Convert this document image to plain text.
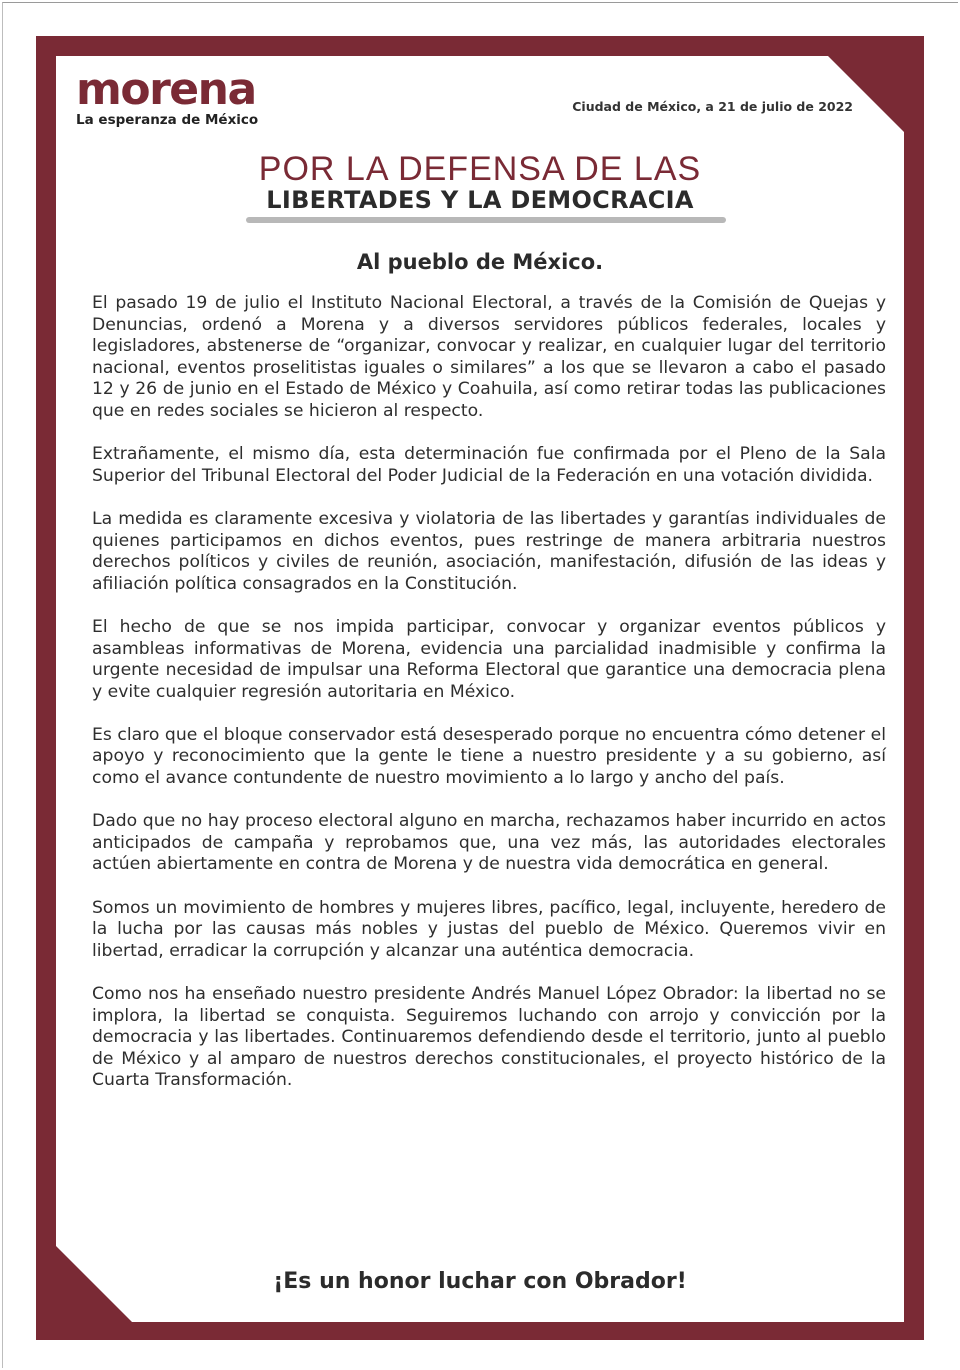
morena
La esperanza de México
Ciudad de México, a 21 de julio de 2022
POR LA DEFENSA DE LAS
LIBERTADES Y LA DEMOCRACIA
Al pueblo de México.

El pasado 19 de julio el Instituto Nacional Electoral, a través de la Comisión de Quejas y Denuncias, ordenó a Morena y a diversos servidores públicos federales, locales y legisladores, abstenerse de “organizar, convocar y realizar, en cualquier lugar del territorio nacional, eventos proselitistas iguales o similares” a los que se llevaron a cabo el pasado 12 y 26 de junio en el Estado de México y Coahuila, así como retirar todas las publicaciones que en redes sociales se hicieron al respecto.

Extrañamente, el mismo día, esta determinación fue confirmada por el Pleno de la Sala Superior del Tribunal Electoral del Poder Judicial de la Federación en una votación dividida.

La medida es claramente excesiva y violatoria de las libertades y garantías individuales de quienes participamos en dichos eventos, pues restringe de manera arbitraria nuestros derechos políticos y civiles de reunión, asociación, manifestación, difusión de las ideas y afiliación política consagrados en la Constitución.

El hecho de que se nos impida participar, convocar y organizar eventos públicos y asambleas informativas de Morena, evidencia una parcialidad inadmisible y confirma la urgente necesidad de impulsar una Reforma Electoral que garantice una democracia plena y evite cualquier regresión autoritaria en México.

Es claro que el bloque conservador está desesperado porque no encuentra cómo detener el apoyo y reconocimiento que la gente le tiene a nuestro presidente y a su gobierno, así como el avance contundente de nuestro movimiento a lo largo y ancho del país.

Dado que no hay proceso electoral alguno en marcha, rechazamos haber incurrido en actos anticipados de campaña y reprobamos que, una vez más, las autoridades electorales actúen abiertamente en contra de Morena y de nuestra vida democrática en general.

Somos un movimiento de hombres y mujeres libres, pacífico, legal, incluyente, heredero de la lucha por las causas más nobles y justas del pueblo de México. Queremos vivir en libertad, erradicar la corrupción y alcanzar una auténtica democracia.

Como nos ha enseñado nuestro presidente Andrés Manuel López Obrador: la libertad no se implora, la libertad se conquista. Seguiremos luchando con arrojo y convicción por la democracia y las libertades. Continuaremos defendiendo desde el territorio, junto al pueblo de México y al amparo de nuestros derechos constitucionales, el proyecto histórico de la Cuarta Transformación.

¡Es un honor luchar con Obrador!
